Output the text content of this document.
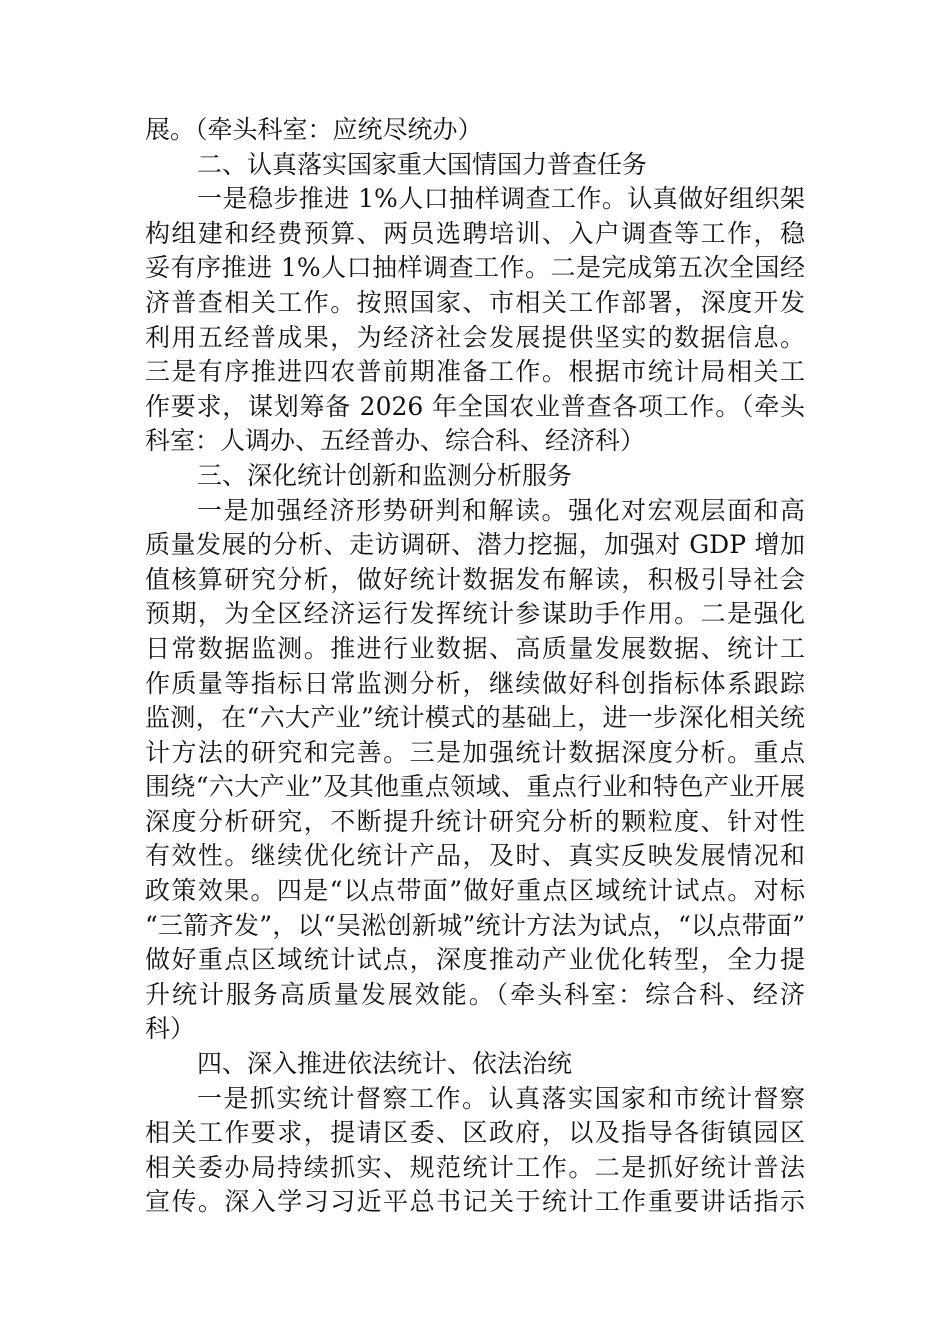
展。（牵头科室：应统尽统办）
二、认真落实国家重大国情国力普查任务
一是稳步推进 1%人口抽样调查工作。认真做好组织架
构组建和经费预算、两员选聘培训、入户调查等工作，稳
妥有序推进 1%人口抽样调查工作。二是完成第五次全国经
济普查相关工作。按照国家、市相关工作部署，深度开发
利用五经普成果，为经济社会发展提供坚实的数据信息。
三是有序推进四农普前期准备工作。根据市统计局相关工
作要求，谋划筹备 2026 年全国农业普查各项工作。（牵头
科室：人调办、五经普办、综合科、经济科）
三、深化统计创新和监测分析服务
一是加强经济形势研判和解读。强化对宏观层面和高
质量发展的分析、走访调研、潜力挖掘，加强对 GDP 增加
值核算研究分析，做好统计数据发布解读，积极引导社会
预期，为全区经济运行发挥统计参谋助手作用。二是强化
日常数据监测。推进行业数据、高质量发展数据、统计工
作质量等指标日常监测分析，继续做好科创指标体系跟踪
监测，在“六大产业”统计模式的基础上，进一步深化相关统
计方法的研究和完善。三是加强统计数据深度分析。重点
围绕“六大产业”及其他重点领域、重点行业和特色产业开展
深度分析研究，不断提升统计研究分析的颗粒度、针对性
有效性。继续优化统计产品，及时、真实反映发展情况和
政策效果。四是“以点带面”做好重点区域统计试点。对标
“三箭齐发”，以“吴淞创新城”统计方法为试点，“以点带面”
做好重点区域统计试点，深度推动产业优化转型，全力提
升统计服务高质量发展效能。（牵头科室：综合科、经济
科）
四、深入推进依法统计、依法治统
一是抓实统计督察工作。认真落实国家和市统计督察
相关工作要求，提请区委、区政府，以及指导各街镇园区
相关委办局持续抓实、规范统计工作。二是抓好统计普法
宣传。深入学习习近平总书记关于统计工作重要讲话指示
